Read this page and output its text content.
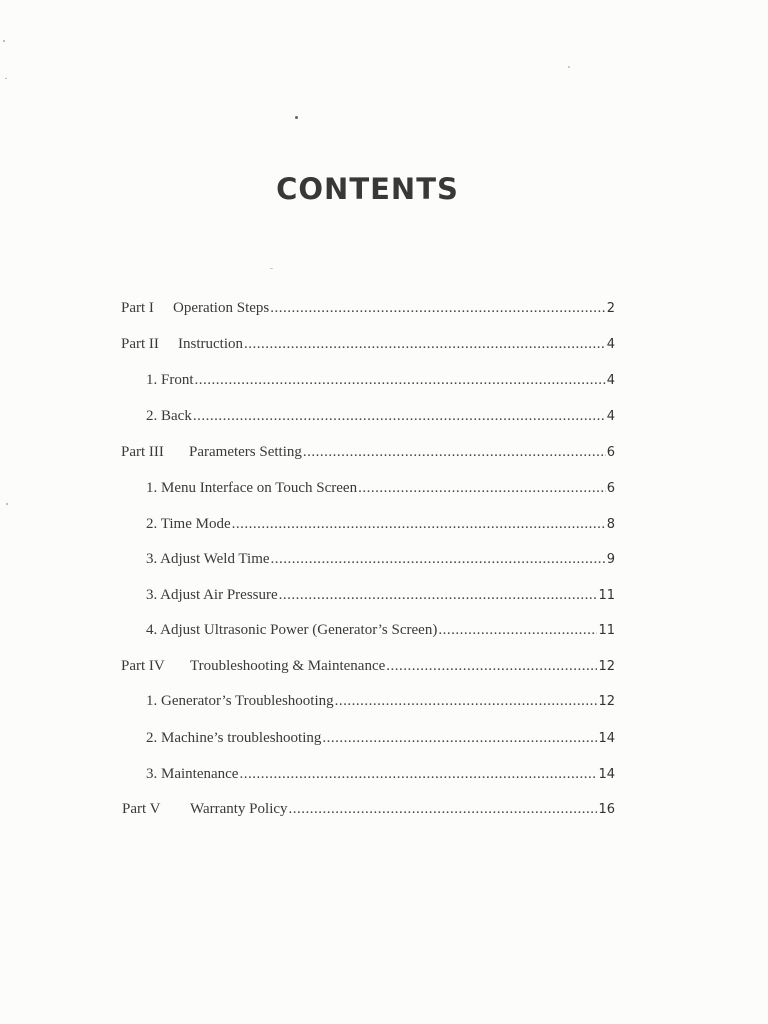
CONTENTS
Part I	Operation Steps .....	2
Part II	Instruction .....	4
1. Front .....	4
2. Back .....	4
Part III	Parameters Setting .....	6
1. Menu Interface on Touch Screen .....	6
2. Time Mode .....	8
3. Adjust Weld Time .....	9
3. Adjust Air Pressure .....	11
4. Adjust Ultrasonic Power (Generator’s Screen) .....	11
Part IV	Troubleshooting & Maintenance .....	12
1. Generator’s Troubleshooting .....	12
2. Machine’s troubleshooting .....	14
3. Maintenance .....	14
Part V	Warranty Policy .....	16
